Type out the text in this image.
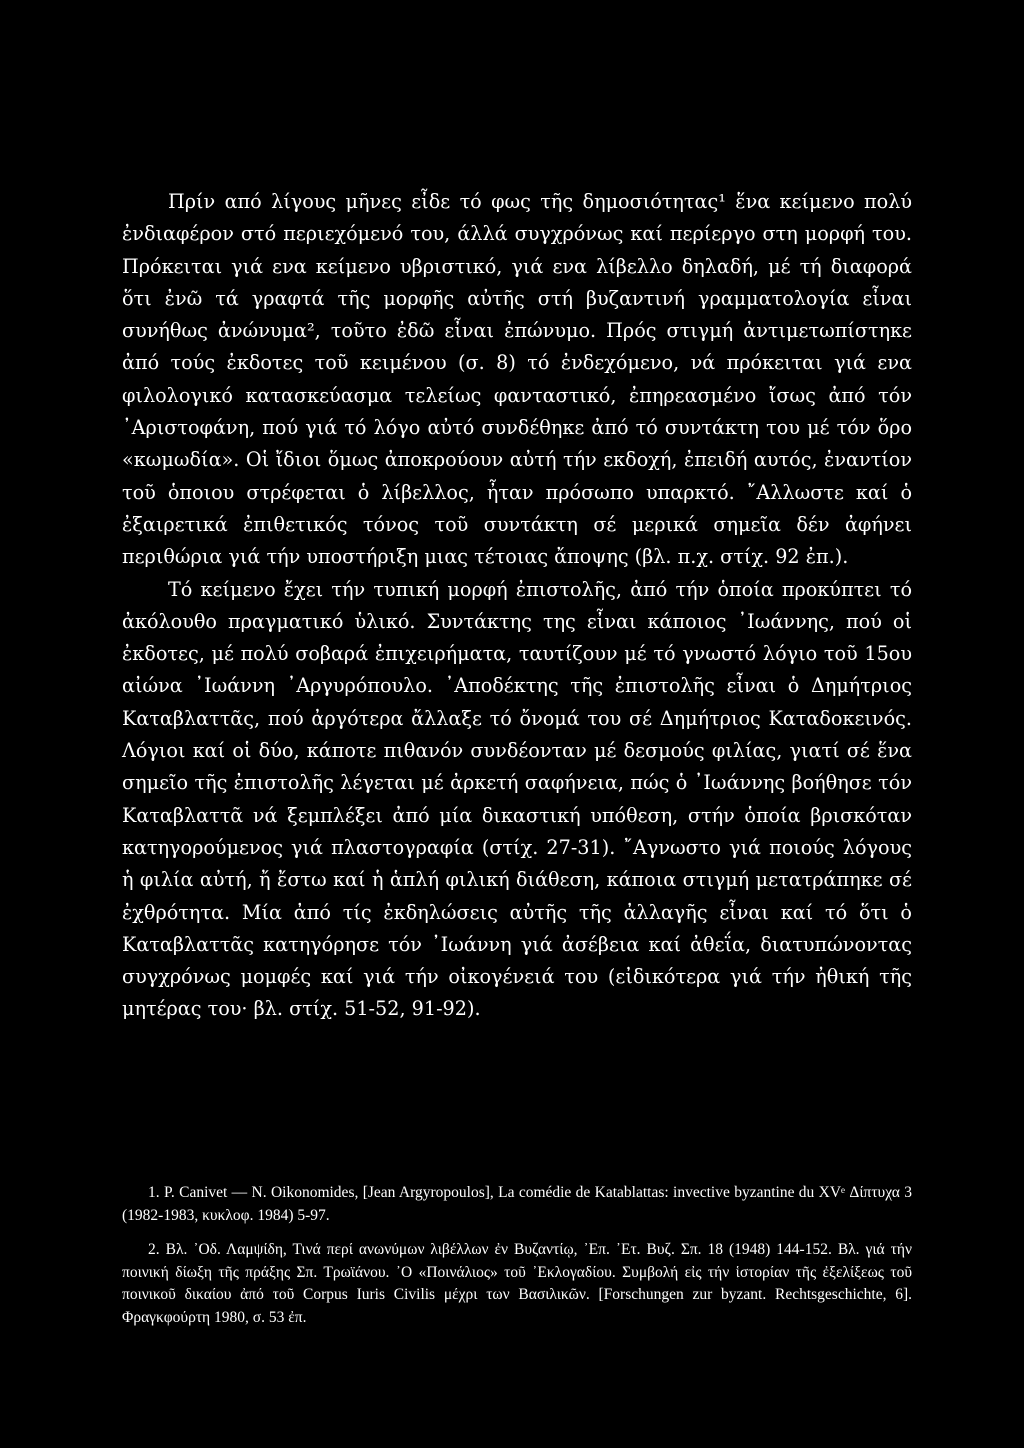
Πρίν από λίγους μῆνες εἶδε τό φως τῆς δημοσιότητας¹ ἕνα κείμενο πολύ ἐνδιαφέρον στό περιεχόμενό του, άλλά συγχρόνως καί περίεργο στη μορφή του. Πρόκειται γιά ενα κείμενο υβριστικό, γιά ενα λίβελλο δηλαδή, μέ τή διαφορά ὅτι ἐνῶ τά γραφτά τῆς μορφῆς αὐτῆς στή βυζαντινή γραμματολογία εἶναι συνήθως ἀνώνυμα², τοῦτο ἐδῶ εἶναι ἐπώνυμο. Πρός στιγμή ἀντιμετωπίστηκε ἀπό τούς ἐκδοτες τοῦ κειμένου (σ. 8) τό ἐνδεχόμενο, νά πρόκειται γιά ενα φιλολογικό κατασκεύασμα τελείως φανταστικό, ἐπηρεασμένο ἴσως ἀπό τόν ᾿Αριστοφάνη, πού γιά τό λόγο αὐτό συνδέθηκε ἀπό τό συντάκτη του μέ τόν ὅρο «κωμωδία». Οἱ ἴδιοι ὅμως ἀποκρούουν αὐτή τήν εκδοχή, ἐπειδή αυτός, ἐναντίον τοῦ ὁποιου στρέφεται ὁ λίβελλος, ἦταν πρόσωπο υπαρκτό. ῎Αλλωστε καί ὁ ἐξαιρετικά ἐπιθετικός τόνος τοῦ συντάκτη σέ μερικά σημεῖα δέν ἀφήνει περιθώρια γιά τήν υποστήριξη μιας τέτοιας ἄποψης (βλ. π.χ. στίχ. 92 ἐπ.).

Τό κείμενο ἔχει τήν τυπική μορφή ἐπιστολῆς, ἀπό τήν ὁποία προκύπτει τό ἀκόλουθο πραγματικό ὑλικό. Συντάκτης της εἶναι κάποιος ᾿Ιωάννης, πού οἱ ἐκδοτες, μέ πολύ σοβαρά ἐπιχειρήματα, ταυτίζουν μέ τό γνωστό λόγιο τοῦ 15ου αἰώνα ᾿Ιωάννη ᾿Αργυρόπουλο. ᾿Αποδέκτης τῆς ἐπιστολῆς εἶναι ὁ Δημήτριος Καταβλαττᾶς, πού ἀργότερα ἄλλαξε τό ὄνομά του σέ Δημήτριος Καταδοκεινός. Λόγιοι καί οἱ δύο, κάποτε πιθανόν συνδέονταν μέ δεσμούς φιλίας, γιατί σέ ἕνα σημεῖο τῆς ἐπιστολῆς λέγεται μέ ἀρκετή σαφήνεια, πώς ὁ ᾿Ιωάννης βοήθησε τόν Καταβλαττᾶ νά ξεμπλέξει ἀπό μία δικαστική υπόθεση, στήν ὁποία βρισκόταν κατηγορούμενος γιά πλαστογραφία (στίχ. 27-31). ῎Αγνωστο γιά ποιούς λόγους ἡ φιλία αὐτή, ἤ ἔστω καί ἡ ἁπλή φιλική διάθεση, κάποια στιγμή μετατράπηκε σέ ἐχθρότητα. Μία ἀπό τίς ἐκδηλώσεις αὐτῆς τῆς ἀλλαγῆς εἶναι καί τό ὅτι ὁ Καταβλαττᾶς κατηγόρησε τόν ᾿Ιωάννη γιά ἀσέβεια καί ἀθεΐα, διατυπώνοντας συγχρόνως μομφές καί γιά τήν οἰκογένειά του (εἰδικότερα γιά τήν ἠθική τῆς μητέρας του· βλ. στίχ. 51-52, 91-92).

1. P. Canivet — N. Oikonomides, [Jean Argyropoulos], La comédie de Katablattas: invective byzantine du XVᵉ Δίπτυχα 3 (1982-1983, κυκλοφ. 1984) 5-97.

2. Βλ. ᾿Οδ. Λαμψίδη, Τινά περί ανωνύμων λιβέλλων ἐν Βυζαντίῳ, ᾿Επ. ᾿Ετ. Βυζ. Σπ. 18 (1948) 144-152. Βλ. γιά τήν ποινική δίωξη τῆς πράξης Σπ. Τρωϊάνου. ᾿Ο «Ποινάλιος» τοῦ ᾿Εκλογαδίου. Συμβολή εἰς τήν ἱστορίαν τῆς ἐξελίξεως τοῦ ποινικοῦ δικαίου ἀπό τοῦ Corpus Iuris Civilis μέχρι των Βασιλικῶν. [Forschungen zur byzant. Rechtsgeschichte, 6]. Φραγκφούρτη 1980, σ. 53 ἐπ.
